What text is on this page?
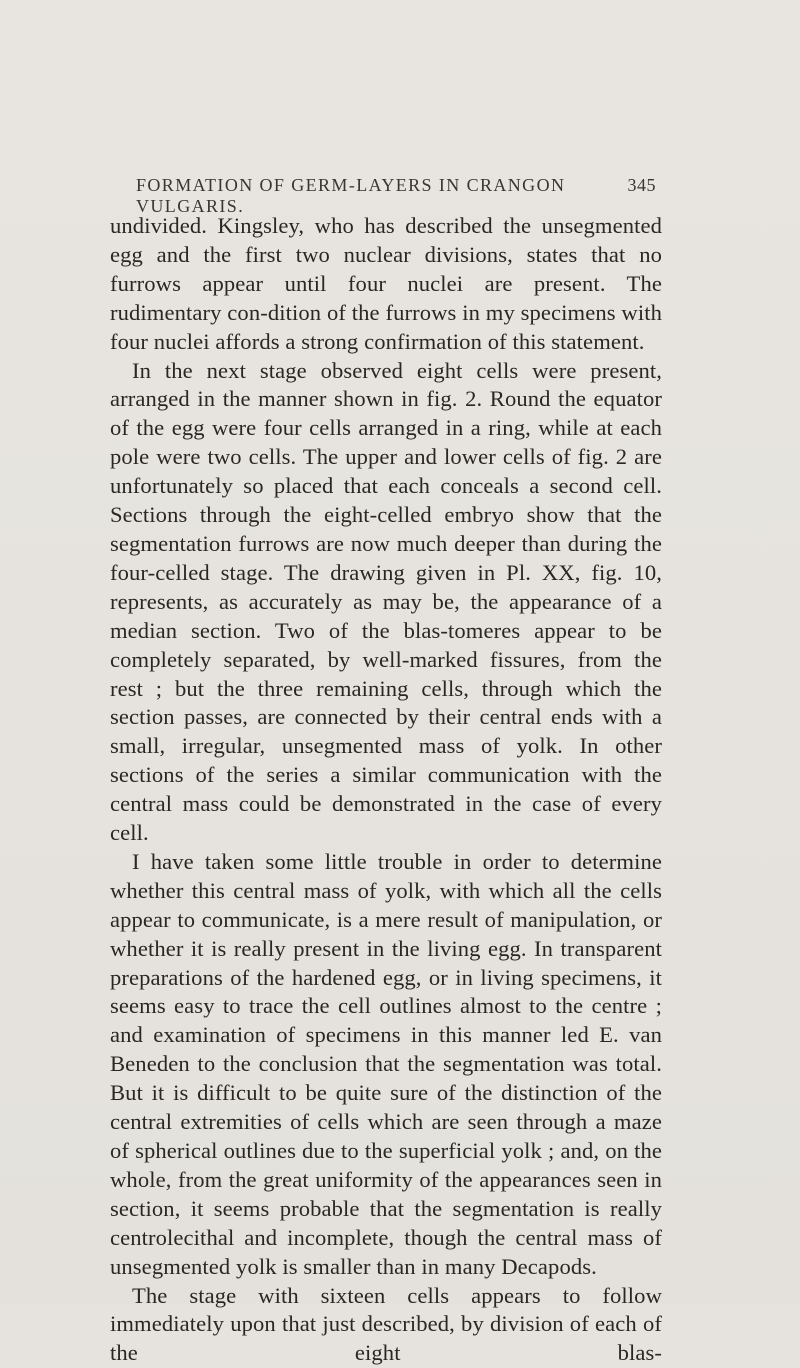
FORMATION OF GERM-LAYERS IN CRANGON VULGARIS.
345

undivided. Kingsley, who has described the unsegmented egg and the first two nuclear divisions, states that no furrows appear until four nuclei are present. The rudimentary con-dition of the furrows in my specimens with four nuclei affords a strong confirmation of this statement.

In the next stage observed eight cells were present, arranged in the manner shown in fig. 2. Round the equator of the egg were four cells arranged in a ring, while at each pole were two cells. The upper and lower cells of fig. 2 are unfortunately so placed that each conceals a second cell. Sections through the eight-celled embryo show that the segmentation furrows are now much deeper than during the four-celled stage. The drawing given in Pl. XX, fig. 10, represents, as accurately as may be, the appearance of a median section. Two of the blas-tomeres appear to be completely separated, by well-marked fissures, from the rest ; but the three remaining cells, through which the section passes, are connected by their central ends with a small, irregular, unsegmented mass of yolk. In other sections of the series a similar communication with the central mass could be demonstrated in the case of every cell.

I have taken some little trouble in order to determine whether this central mass of yolk, with which all the cells appear to communicate, is a mere result of manipulation, or whether it is really present in the living egg. In transparent preparations of the hardened egg, or in living specimens, it seems easy to trace the cell outlines almost to the centre ; and examination of specimens in this manner led E. van Beneden to the conclusion that the segmentation was total. But it is difficult to be quite sure of the distinction of the central extremities of cells which are seen through a maze of spherical outlines due to the superficial yolk ; and, on the whole, from the great uniformity of the appearances seen in section, it seems probable that the segmentation is really centrolecithal and incomplete, though the central mass of unsegmented yolk is smaller than in many Decapods.

The stage with sixteen cells appears to follow immediately upon that just described, by division of each of the eight blas-
